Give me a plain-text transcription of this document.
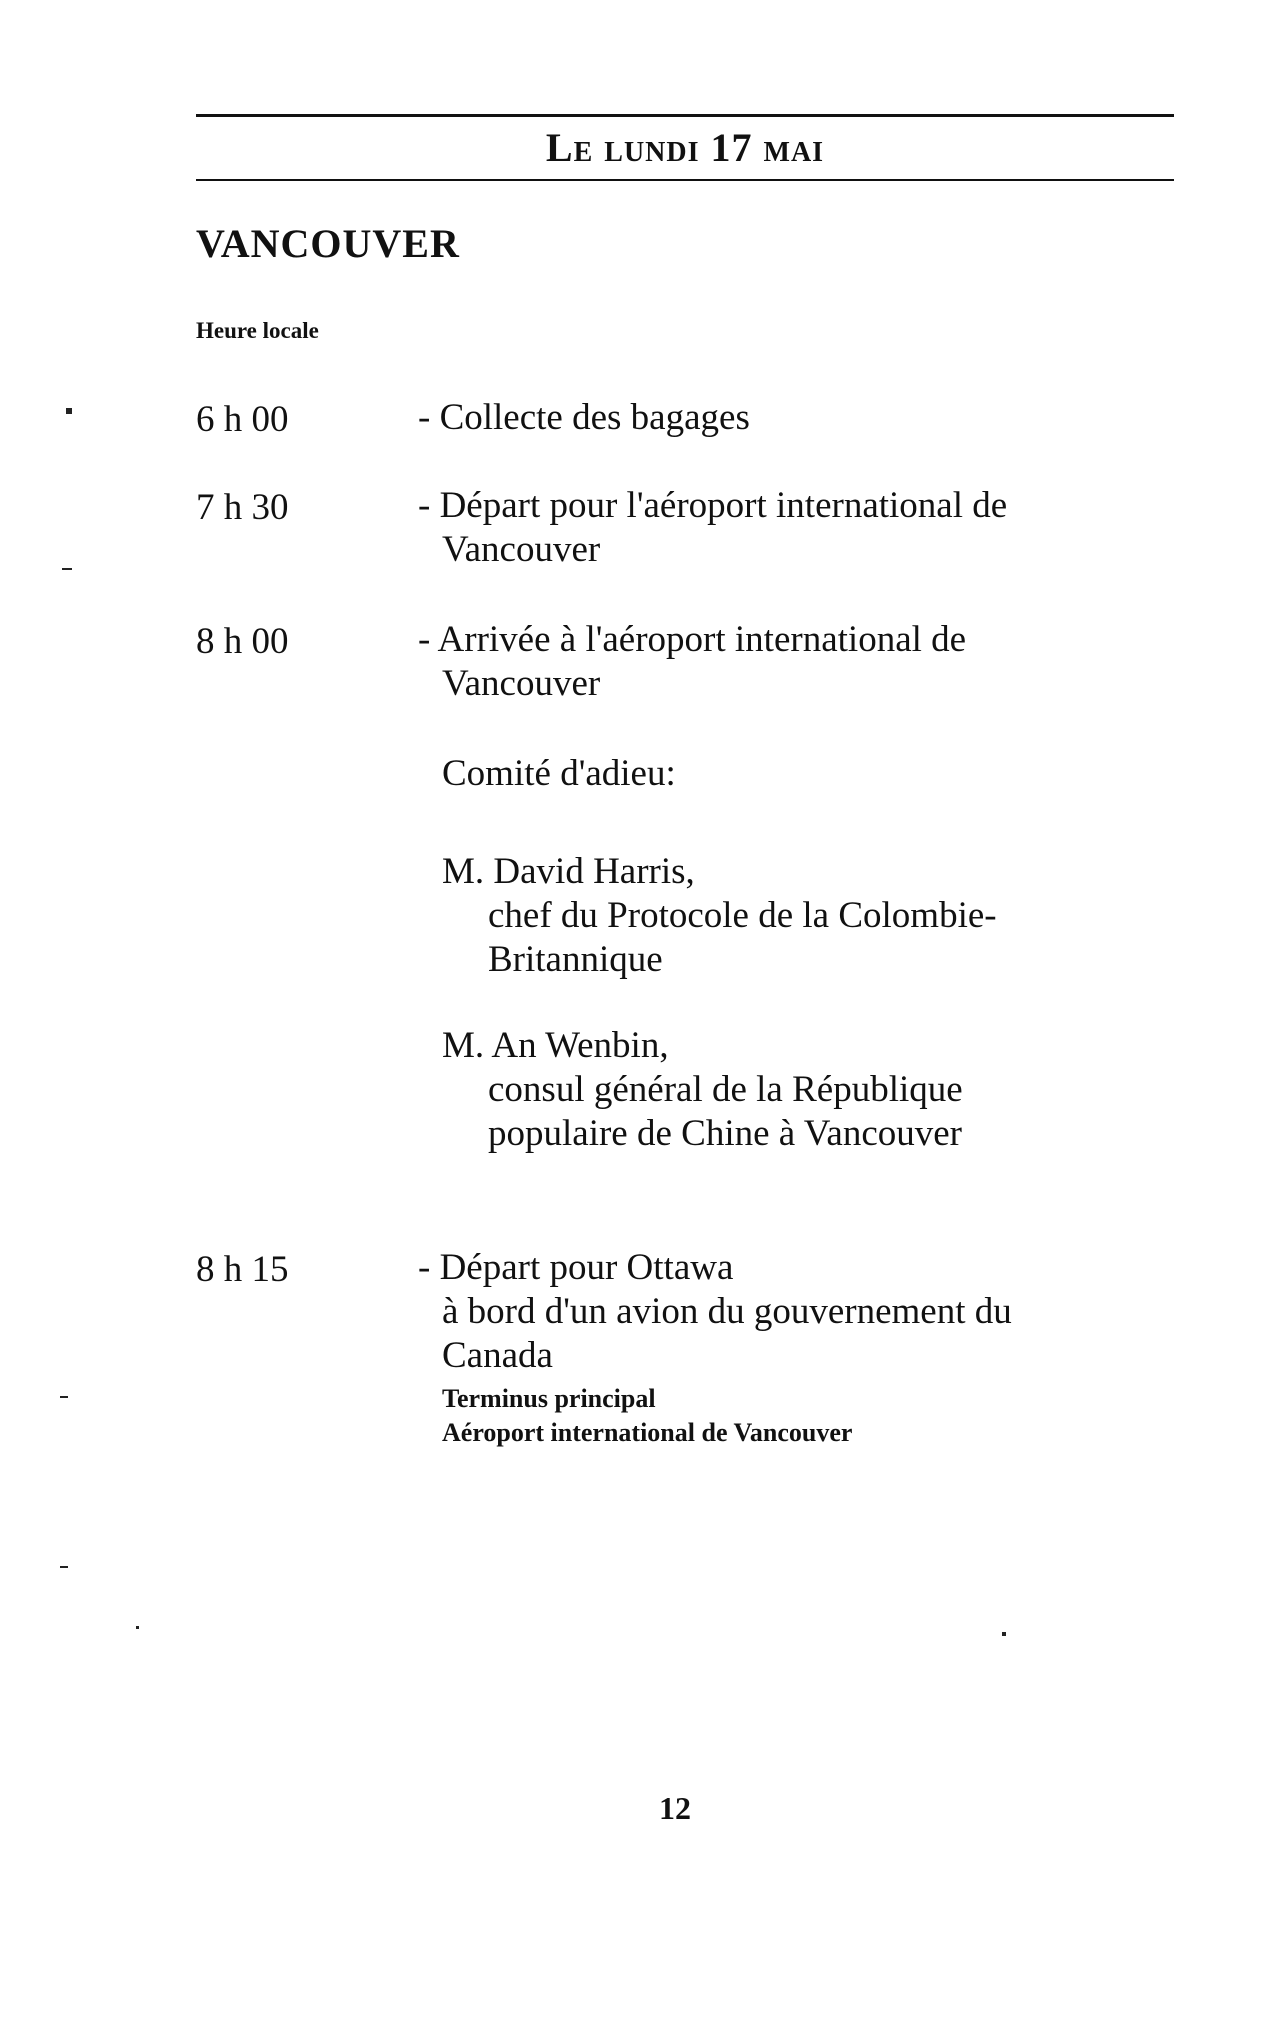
Le lundi 17 mai
VANCOUVER
Heure locale
6 h 00	- Collecte des bagages
7 h 30	- Départ pour l'aéroport international de
Vancouver
8 h 00	- Arrivée à l'aéroport international de
Vancouver
Comité d'adieu:
M. David Harris,
chef du Protocole de la Colombie-
Britannique
M. An Wenbin,
consul général de la République
populaire de Chine à Vancouver
8 h 15	- Départ pour Ottawa
à bord d'un avion du gouvernement du
Canada
Terminus principal
Aéroport international de Vancouver
12
